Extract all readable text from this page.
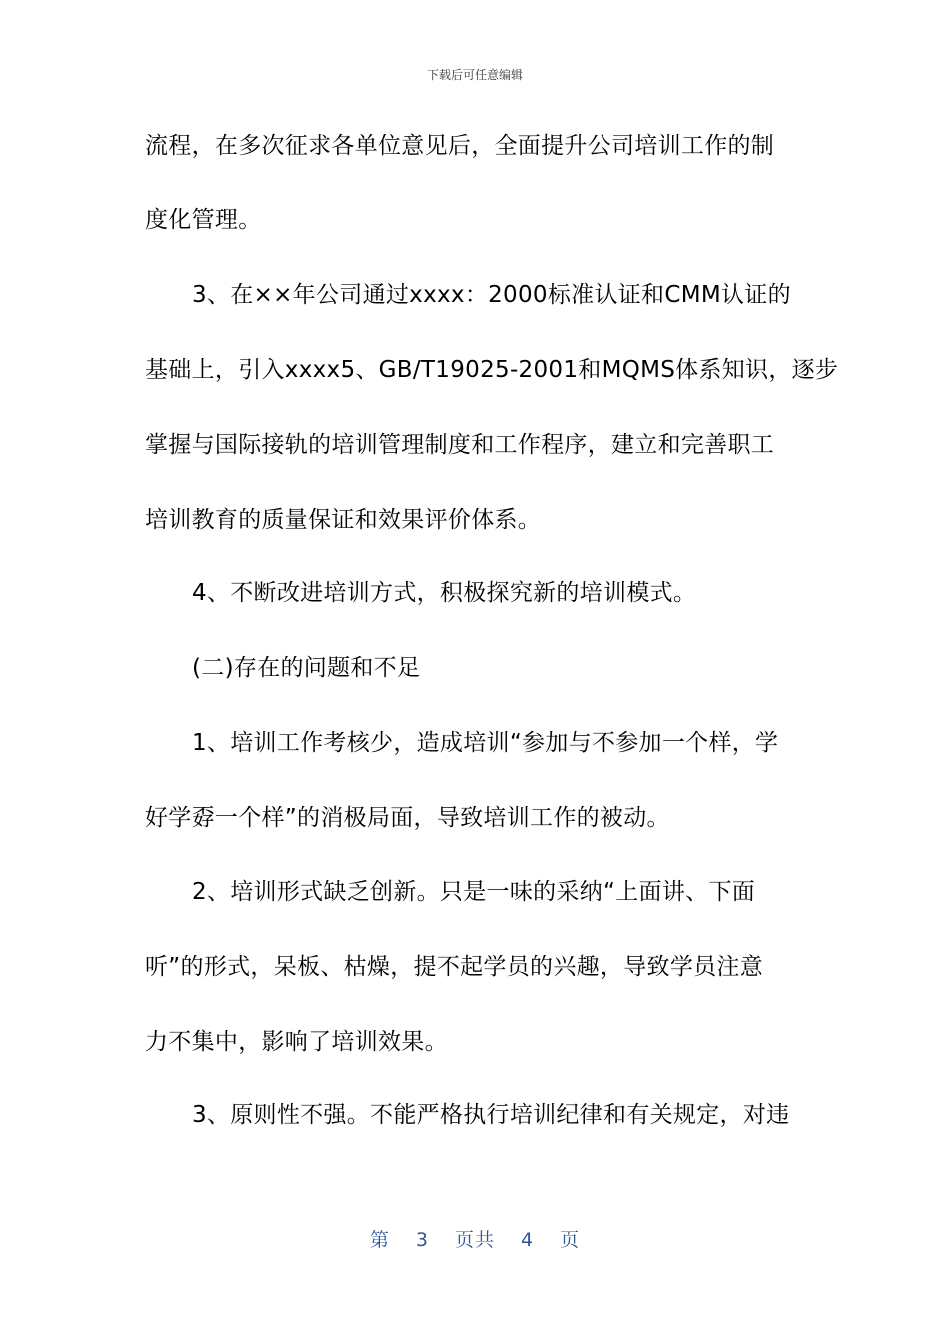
下载后可任意编辑
流程，在多次征求各单位意见后，全面提升公司培训工作的制
度化管理。
3、在××年公司通过xxxx：2000标准认证和CMM认证的
基础上，引入xxxx5、GB/T19025-2001和MQMS体系知识，逐步
掌握与国际接轨的培训管理制度和工作程序，建立和完善职工
培训教育的质量保证和效果评价体系。
4、不断改进培训方式，积极探究新的培训模式。
(二)存在的问题和不足
1、培训工作考核少，造成培训“参加与不参加一个样，学
好学孬一个样”的消极局面，导致培训工作的被动。
2、培训形式缺乏创新。只是一味的采纳“上面讲、下面
听”的形式，呆板、枯燥，提不起学员的兴趣，导致学员注意
力不集中，影响了培训效果。
3、原则性不强。不能严格执行培训纪律和有关规定，对违
第 3 页共 4 页
